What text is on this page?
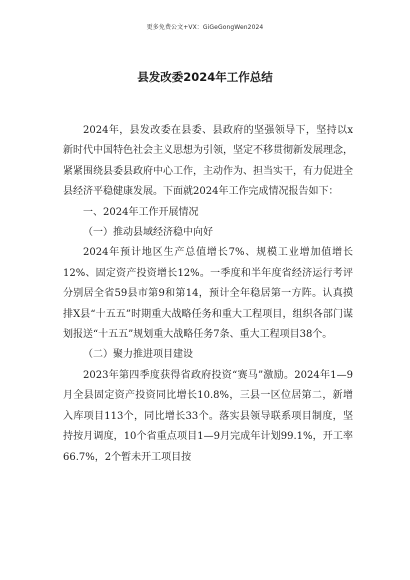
更多免费公文+VX：GiGeGongWen2024
县发改委2024年工作总结

2024年，县发改委在县委、县政府的坚强领导下，坚持以x新时代中国特色社会主义思想为引领，坚定不移贯彻新发展理念，紧紧围绕县委县政府中心工作，主动作为、担当实干，有力促进全县经济平稳健康发展。下面就2024年工作完成情况报告如下：

一、2024年工作开展情况

（一）推动县域经济稳中向好

2024年预计地区生产总值增长7%、规模工业增加值增长12%、固定资产投资增长12%。一季度和半年度省经济运行考评分别居全省59县市第9和第14，预计全年稳居第一方阵。认真摸排X县“十五五”时期重大战略任务和重大工程项目，组织各部门谋划报送“十五五”规划重大战略任务7条、重大工程项目38个。

（二）聚力推进项目建设

2023年第四季度获得省政府投资“赛马”激励。2024年1—9月全县固定资产投资同比增长10.8%，三县一区位居第二，新增入库项目113个，同比增长33个。落实县领导联系项目制度，坚持按月调度，10个省重点项目1—9月完成年计划99.1%，开工率66.7%，2个暂未开工项目按
